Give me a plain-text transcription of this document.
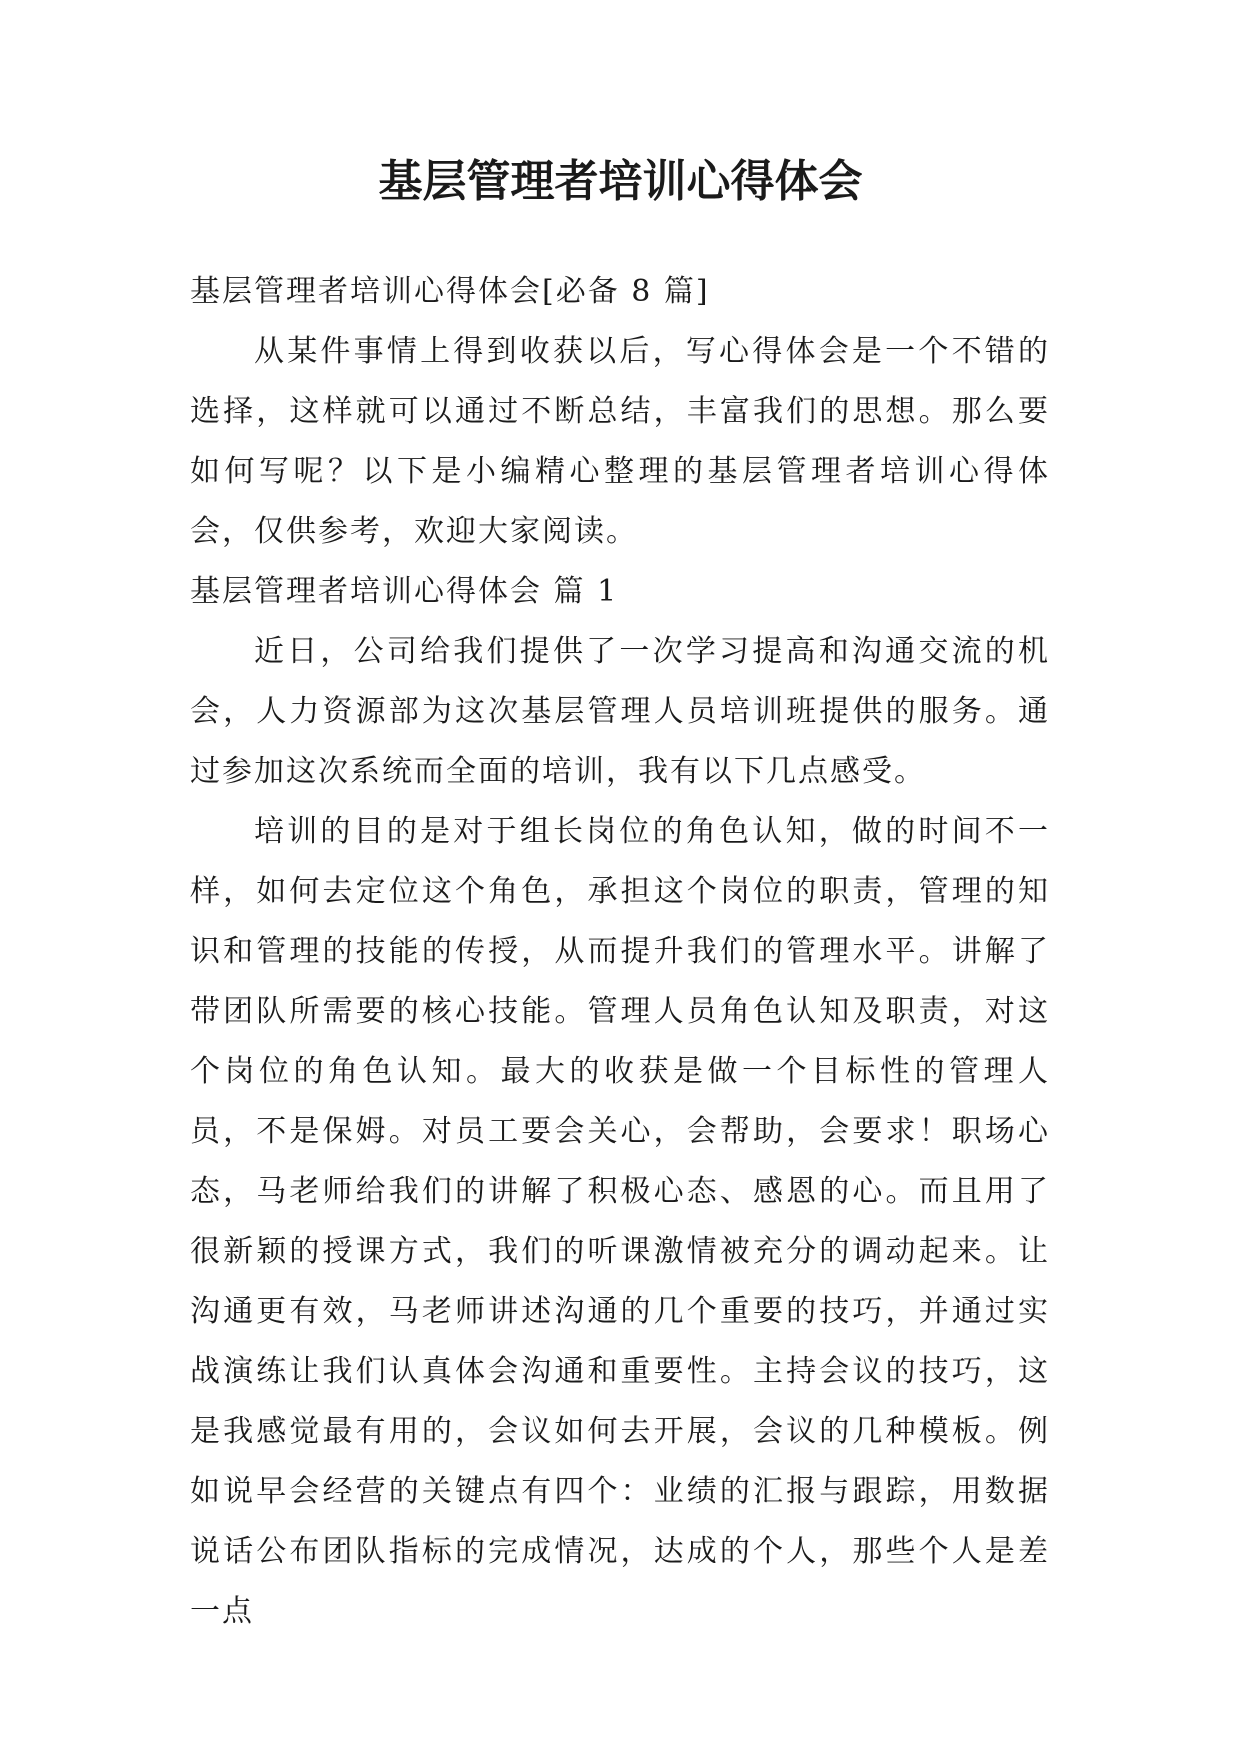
基层管理者培训心得体会

基层管理者培训心得体会[必备 8 篇]

从某件事情上得到收获以后，写心得体会是一个不错的选择，这样就可以通过不断总结，丰富我们的思想。那么要如何写呢？以下是小编精心整理的基层管理者培训心得体会，仅供参考，欢迎大家阅读。

基层管理者培训心得体会 篇 1

近日，公司给我们提供了一次学习提高和沟通交流的机会，人力资源部为这次基层管理人员培训班提供的服务。通过参加这次系统而全面的培训，我有以下几点感受。

培训的目的是对于组长岗位的角色认知，做的时间不一样，如何去定位这个角色，承担这个岗位的职责，管理的知识和管理的技能的传授，从而提升我们的管理水平。讲解了带团队所需要的核心技能。管理人员角色认知及职责，对这个岗位的角色认知。最大的收获是做一个目标性的管理人员，不是保姆。对员工要会关心，会帮助，会要求！职场心态，马老师给我们的讲解了积极心态、感恩的心。而且用了很新颖的授课方式，我们的听课激情被充分的调动起来。让沟通更有效，马老师讲述沟通的几个重要的技巧，并通过实战演练让我们认真体会沟通和重要性。主持会议的技巧，这是我感觉最有用的，会议如何去开展，会议的几种模板。例如说早会经营的关键点有四个：业绩的汇报与跟踪，用数据说话公布团队指标的完成情况，达成的个人，那些个人是差一点
